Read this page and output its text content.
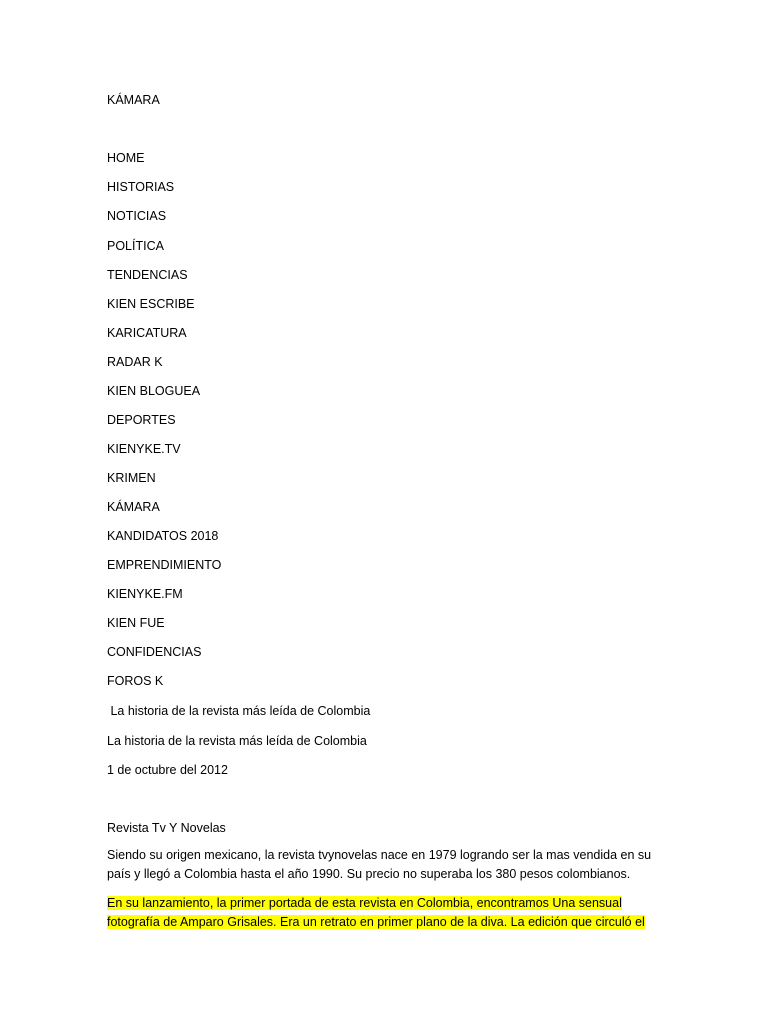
KÁMARA
HOME
HISTORIAS
NOTICIAS
POLÍTICA
TENDENCIAS
KIEN ESCRIBE
KARICATURA
RADAR K
KIEN BLOGUEA
DEPORTES
KIENYKE.TV
KRIMEN
KÁMARA
KANDIDATOS 2018
EMPRENDIMIENTO
KIENYKE.FM
KIEN FUE
CONFIDENCIAS
FOROS K
La historia de la revista más leída de Colombia
La historia de la revista más leída de Colombia
1 de octubre del 2012
Revista Tv Y Novelas
Siendo su origen mexicano, la revista tvynovelas nace en 1979 logrando ser la mas vendida en su país y llegó a Colombia hasta el año 1990. Su precio no superaba los 380 pesos colombianos.
En su lanzamiento, la primer portada de esta revista en Colombia, encontramos Una sensual
fotografía de Amparo Grisales. Era un retrato en primer plano de la diva. La edición que circuló el
